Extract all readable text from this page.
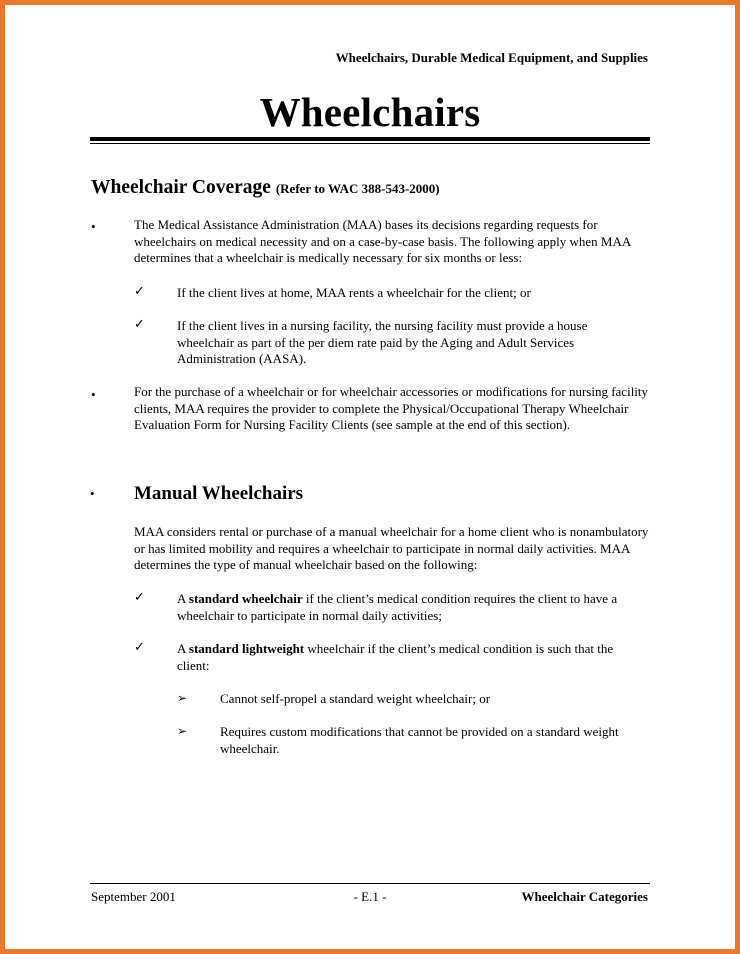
Wheelchairs, Durable Medical Equipment, and Supplies
Wheelchairs
Wheelchair Coverage (Refer to WAC 388-543-2000)
•	The Medical Assistance Administration (MAA) bases its decisions regarding requests for wheelchairs on medical necessity and on a case-by-case basis. The following apply when MAA determines that a wheelchair is medically necessary for six months or less:
✓ If the client lives at home, MAA rents a wheelchair for the client; or
✓ If the client lives in a nursing facility, the nursing facility must provide a house wheelchair as part of the per diem rate paid by the Aging and Adult Services Administration (AASA).
•	For the purchase of a wheelchair or for wheelchair accessories or modifications for nursing facility clients, MAA requires the provider to complete the Physical/Occupational Therapy Wheelchair Evaluation Form for Nursing Facility Clients (see sample at the end of this section).
• Manual Wheelchairs
MAA considers rental or purchase of a manual wheelchair for a home client who is nonambulatory or has limited mobility and requires a wheelchair to participate in normal daily activities. MAA determines the type of manual wheelchair based on the following:
✓ A standard wheelchair if the client’s medical condition requires the client to have a wheelchair to participate in normal daily activities;
✓ A standard lightweight wheelchair if the client’s medical condition is such that the client:
➢	Cannot self-propel a standard weight wheelchair; or
➢	Requires custom modifications that cannot be provided on a standard weight wheelchair.
September 2001	- E.1 -	Wheelchair Categories
